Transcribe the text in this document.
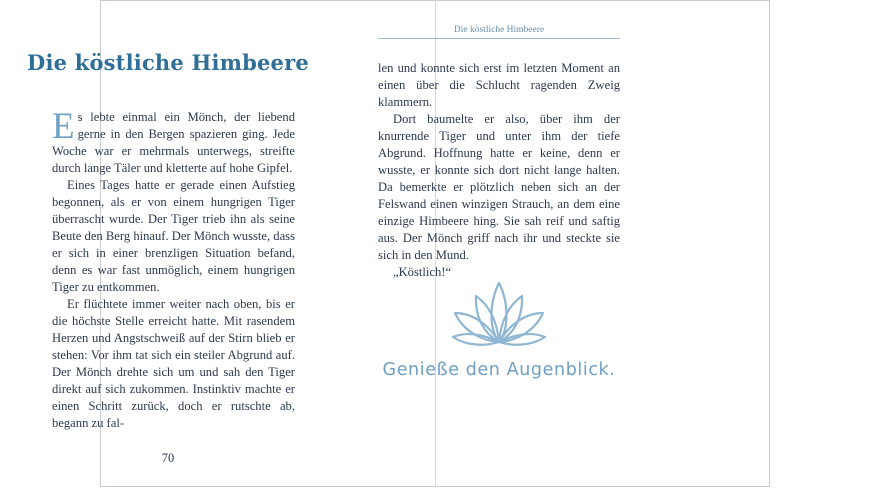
Die köstliche Himbeere

Es lebte einmal ein Mönch, der liebend gerne in den Bergen spazieren ging. Jede Woche war er mehrmals unterwegs, streifte durch lange Täler und kletterte auf hohe Gipfel.

Eines Tages hatte er gerade einen Aufstieg begonnen, als er von einem hungrigen Tiger überrascht wurde. Der Tiger trieb ihn als seine Beute den Berg hinauf. Der Mönch wusste, dass er sich in einer brenzligen Situation befand, denn es war fast unmöglich, einem hungrigen Tiger zu entkommen.

Er flüchtete immer weiter nach oben, bis er die höchste Stelle erreicht hatte. Mit rasendem Herzen und Angstschweiß auf der Stirn blieb er stehen: Vor ihm tat sich ein steiler Abgrund auf. Der Mönch drehte sich um und sah den Tiger direkt auf sich zukommen. Instinktiv machte er einen Schritt zurück, doch er rutschte ab, begann zu fal-

70
Die köstliche Himbeere

len und konnte sich erst im letzten Moment an einen über die Schlucht ragenden Zweig klammern.

Dort baumelte er also, über ihm der knurrende Tiger und unter ihm der tiefe Abgrund. Hoffnung hatte er keine, denn er wusste, er konnte sich dort nicht lange halten. Da bemerkte er plötzlich neben sich an der Felswand einen winzigen Strauch, an dem eine einzige Himbeere hing. Sie sah reif und saftig aus. Der Mönch griff nach ihr und steckte sie sich in den Mund.

„Köstlich!“

Genieße den Augenblick.
